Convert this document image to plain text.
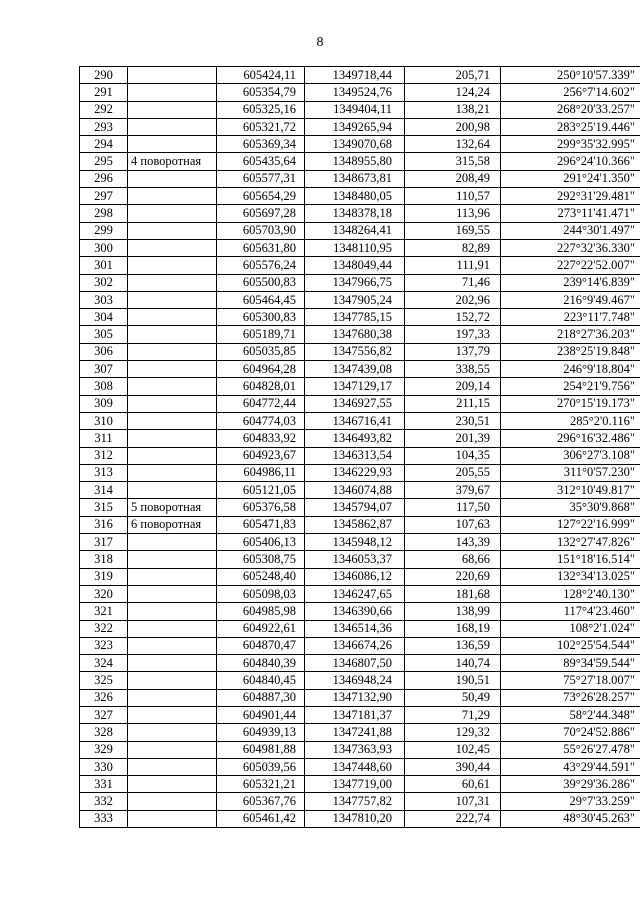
8
290		605424,11	1349718,44	205,71	250°10'57.339"
291		605354,79	1349524,76	124,24	256°7'14.602"
292		605325,16	1349404,11	138,21	268°20'33.257"
293		605321,72	1349265,94	200,98	283°25'19.446"
294		605369,34	1349070,68	132,64	299°35'32.995"
295	4 поворотная	605435,64	1348955,80	315,58	296°24'10.366"
296		605577,31	1348673,81	208,49	291°24'1.350"
297		605654,29	1348480,05	110,57	292°31'29.481"
298		605697,28	1348378,18	113,96	273°11'41.471"
299		605703,90	1348264,41	169,55	244°30'1.497"
300		605631,80	1348110,95	82,89	227°32'36.330"
301		605576,24	1348049,44	111,91	227°22'52.007"
302		605500,83	1347966,75	71,46	239°14'6.839"
303		605464,45	1347905,24	202,96	216°9'49.467"
304		605300,83	1347785,15	152,72	223°11'7.748"
305		605189,71	1347680,38	197,33	218°27'36.203"
306		605035,85	1347556,82	137,79	238°25'19.848"
307		604964,28	1347439,08	338,55	246°9'18.804"
308		604828,01	1347129,17	209,14	254°21'9.756"
309		604772,44	1346927,55	211,15	270°15'19.173"
310		604774,03	1346716,41	230,51	285°2'0.116"
311		604833,92	1346493,82	201,39	296°16'32.486"
312		604923,67	1346313,54	104,35	306°27'3.108"
313		604986,11	1346229,93	205,55	311°0'57.230"
314		605121,05	1346074,88	379,67	312°10'49.817"
315	5 поворотная	605376,58	1345794,07	117,50	35°30'9.868"
316	6 поворотная	605471,83	1345862,87	107,63	127°22'16.999"
317		605406,13	1345948,12	143,39	132°27'47.826"
318		605308,75	1346053,37	68,66	151°18'16.514"
319		605248,40	1346086,12	220,69	132°34'13.025"
320		605098,03	1346247,65	181,68	128°2'40.130"
321		604985,98	1346390,66	138,99	117°4'23.460"
322		604922,61	1346514,36	168,19	108°2'1.024"
323		604870,47	1346674,26	136,59	102°25'54.544"
324		604840,39	1346807,50	140,74	89°34'59.544"
325		604840,45	1346948,24	190,51	75°27'18.007"
326		604887,30	1347132,90	50,49	73°26'28.257"
327		604901,44	1347181,37	71,29	58°2'44.348"
328		604939,13	1347241,88	129,32	70°24'52.886"
329		604981,88	1347363,93	102,45	55°26'27.478"
330		605039,56	1347448,60	390,44	43°29'44.591"
331		605321,21	1347719,00	60,61	39°29'36.286"
332		605367,76	1347757,82	107,31	29°7'33.259"
333		605461,42	1347810,20	222,74	48°30'45.263"
